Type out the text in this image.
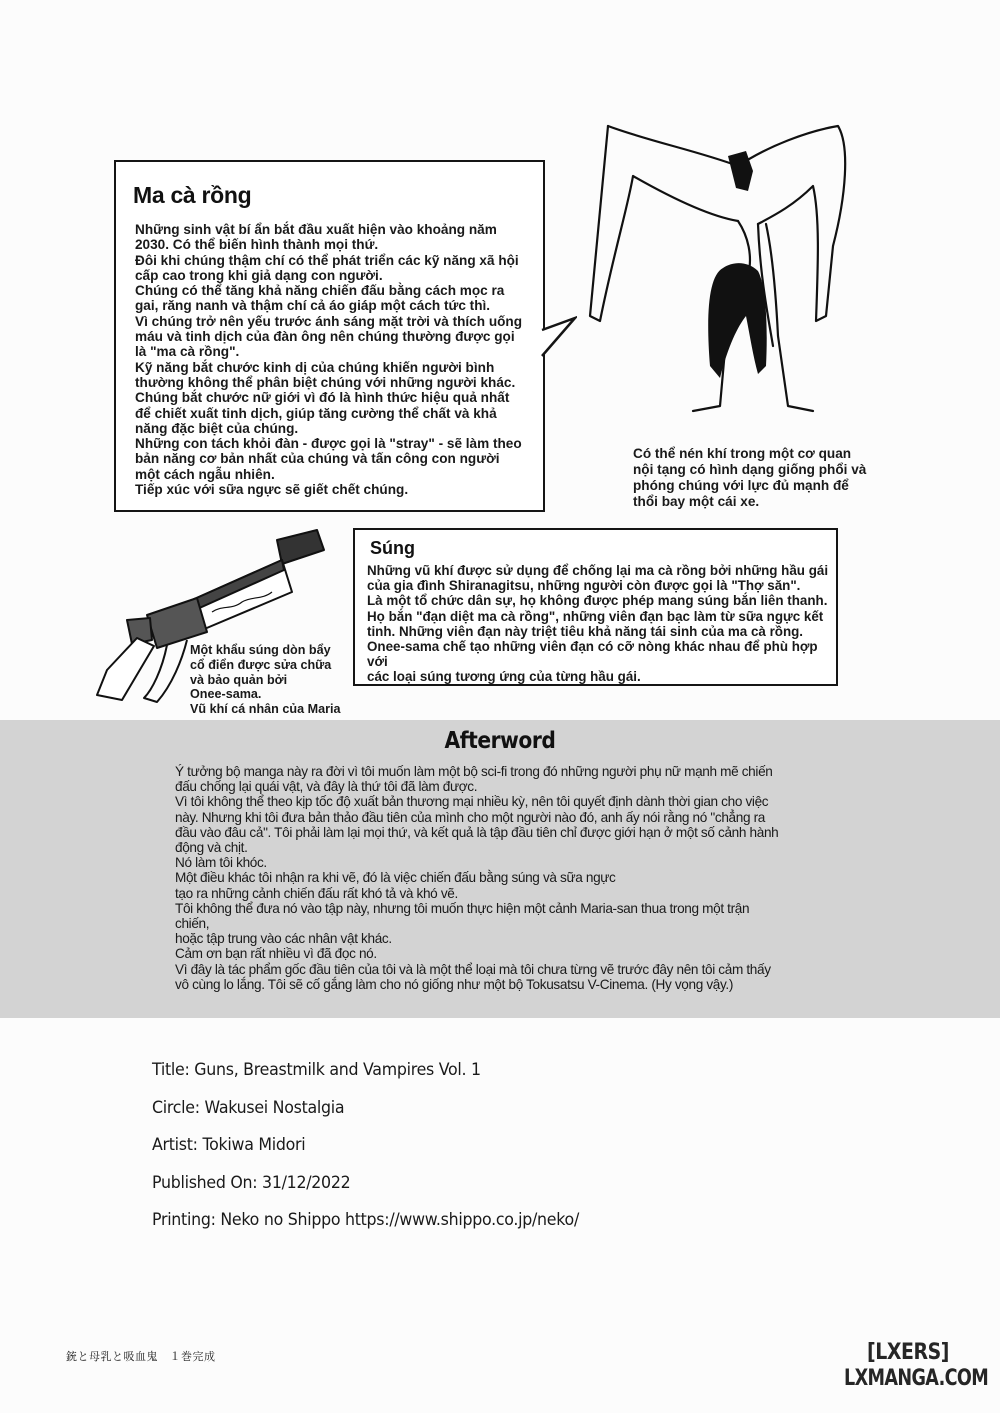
Ma cà rồng
Những sinh vật bí ẩn bắt đầu xuất hiện vào khoảng năm
2030. Có thể biến hình thành mọi thứ.
Đôi khi chúng thậm chí có thể phát triển các kỹ năng xã hội
cấp cao trong khi giả dạng con người.
Chúng có thể tăng khả năng chiến đấu bằng cách mọc ra
gai, răng nanh và thậm chí cả áo giáp một cách tức thì.
Vì chúng trở nên yếu trước ánh sáng mặt trời và thích uống
máu và tinh dịch của đàn ông nên chúng thường được gọi
là "ma cà rồng".
Kỹ năng bắt chước kinh dị của chúng khiến người bình
thường không thể phân biệt chúng với những người khác.
Chúng bắt chước nữ giới vì đó là hình thức hiệu quả nhất
để chiết xuất tinh dịch, giúp tăng cường thể chất và khả
năng đặc biệt của chúng.
Những con tách khỏi đàn - được gọi là "stray" - sẽ làm theo
bản năng cơ bản nhất của chúng và tấn công con người
một cách ngẫu nhiên.
Tiếp xúc với sữa ngực sẽ giết chết chúng.
Có thể nén khí trong một cơ quan
nội tạng có hình dạng giống phổi và
phóng chúng với lực đủ mạnh để
thổi bay một cái xe.
Một khẩu súng dòn bẩy
cổ điển được sửa chữa
và bảo quản bởi
Onee-sama.
Vũ khí cá nhân của Maria
Súng
Những vũ khí được sử dụng để chống lại ma cà rồng bởi những hầu gái
của gia đình Shiranagitsu, những người còn được gọi là "Thợ săn".
Là một tổ chức dân sự, họ không được phép mang súng bắn liên thanh.
Họ bắn "đạn diệt ma cà rồng", những viên đạn bạc làm từ sữa ngực kết
tinh. Những viên đạn này triệt tiêu khả năng tái sinh của ma cà rồng.
Onee-sama chế tạo những viên đạn có cỡ nòng khác nhau để phù hợp với
các loại súng tương ứng của từng hầu gái.
Afterword

Ý tưởng bộ manga này ra đời vì tôi muốn làm một bộ sci-fi trong đó những người phụ nữ mạnh mẽ chiến

đấu chống lại quái vật, và đây là thứ tôi đã làm được.

Vì tôi không thể theo kịp tốc độ xuất bản thương mại nhiều kỳ, nên tôi quyết định dành thời gian cho việc

này. Nhưng khi tôi đưa bản thảo đầu tiên của mình cho một người nào đó, anh ấy nói rằng nó "chẳng ra

đầu vào đâu cả". Tôi phải làm lại mọi thứ, và kết quả là tập đầu tiên chỉ được giới hạn ở một số cảnh hành

động và chịt.

Nó làm tôi khóc.

Một điều khác tôi nhận ra khi vẽ, đó là việc chiến đấu bằng súng và sữa ngực

tạo ra những cảnh chiến đấu rất khó tả và khó vẽ.

Tôi không thể đưa nó vào tập này, nhưng tôi muốn thực hiện một cảnh Maria-san thua trong một trận

chiến,

hoặc tập trung vào các nhân vật khác.

Cảm ơn bạn rất nhiều vì đã đọc nó.

Vì đây là tác phẩm gốc đầu tiên của tôi và là một thể loại mà tôi chưa từng vẽ trước đây nên tôi cảm thấy

vô cùng lo lắng. Tôi sẽ cố gắng làm cho nó giống như một bộ Tokusatsu V-Cinema. (Hy vọng vậy.)

Title: Guns, Breastmilk and Vampires Vol. 1
Circle: Wakusei Nostalgia
Artist: Tokiwa Midori
Published On: 31/12/2022
Printing: Neko no Shippo https://www.shippo.co.jp/neko/
銃と母乳と吸血鬼　１巻完成	[LXERS]
LXMANGA.COM
